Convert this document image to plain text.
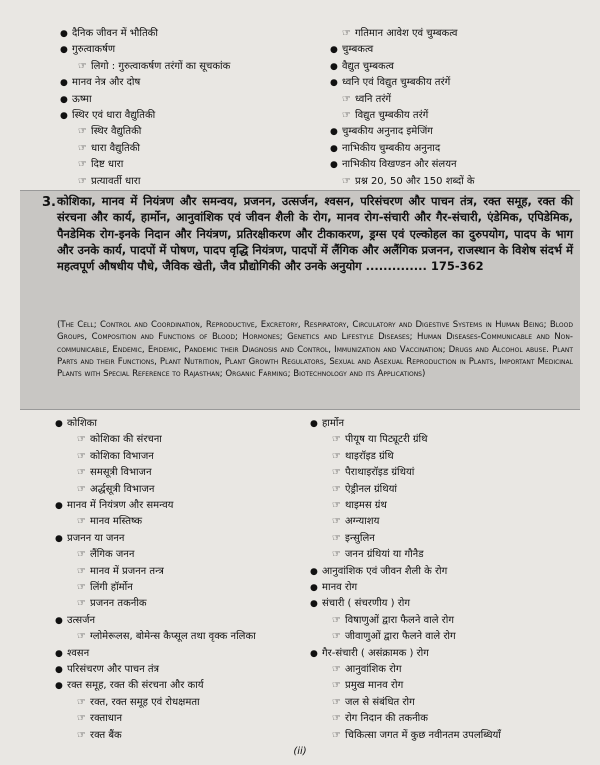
● दैनिक जीवन में भौतिकी
● गुरुत्वाकर्षण
☞ लिगो : गुरुत्वाकर्षण तरंगों का सूचकांक
● मानव नेत्र और दोष
● ऊष्मा
● स्थिर एवं धारा वैद्युतिकी
☞ स्थिर वैद्युतिकी
☞ धारा वैद्युतिकी
☞ दिष्ट धारा
☞ प्रत्यावर्ती धारा
☞ गतिमान आवेश एवं चुम्बकत्व
● चुम्बकत्व
● वैद्युत चुम्बकत्व
● ध्वनि एवं विद्युत चुम्बकीय तरंगें
☞ ध्वनि तरंगें
☞ विद्युत चुम्बकीय तरंगें
● चुम्बकीय अनुनाद इमेजिंग
● नाभिकीय चुम्बकीय अनुनाद
● नाभिकीय विखण्डन और संलयन
☞ प्रश्न 20, 50 और 150 शब्दों के
3. कोशिका, मानव में नियंत्रण और समन्वय, प्रजनन, उत्सर्जन, श्वसन, परिसंचरण और पाचन तंत्र, रक्त समूह, रक्त की संरचना और कार्य, हार्मोन, आनुवांशिक एवं जीवन शैली के रोग, मानव रोग-संचारी और गैर-संचारी, एंडेमिक, एपिडेमिक, पैनडेमिक रोग-इनके निदान और नियंत्रण, प्रतिरक्षीकरण और टीकाकरण, ड्रग्स एवं एल्कोहल का दुरुपयोग, पादप के भाग और उनके कार्य, पादपों में पोषण, पादप वृद्धि नियंत्रण, पादपों में लैंगिक और अलैंगिक प्रजनन, राजस्थान के विशेष संदर्भ में महत्वपूर्ण औषधीय पौधे, जैविक खेती, जैव प्रौद्योगिकी और उनके अनुयोग .............. 175-362
(The Cell; Control and Coordination, Reproductive, Excretory, Respiratory, Circulatory and Digestive Systems in Human Being; Blood Groups, Composition and Functions of Blood; Hormones; Genetics and Lifestyle Diseases; Human Diseases-Communicable and Non-communicable, Endemic, Epidemic, Pandemic their Diagnosis and Control, Immunization and Vaccination; Drugs and Alcohol abuse. Plant Parts and their Functions, Plant Nutrition, Plant Growth Regulators, Sexual and Asexual Reproduction in Plants, Important Medicinal Plants with Special Reference to Rajasthan; Organic Farming; Biotechnology and its Applications)
● कोशिका
☞ कोशिका की संरचना
☞ कोशिका विभाजन
☞ समसूत्री विभाजन
☞ अर्द्धसूत्री विभाजन
● मानव में नियंत्रण और समन्वय
☞ मानव मस्तिष्क
● प्रजनन या जनन
☞ लैंगिक जनन
☞ मानव में प्रजनन तन्त्र
☞ लिंगी हॉर्मोन
☞ प्रजनन तकनीक
● उत्सर्जन
☞ ग्लोमेरूलस, बोमेन्स कैप्सूल तथा वृक्क नलिका
● श्वसन
● परिसंचरण और पाचन तंत्र
● रक्त समूह, रक्त की संरचना और कार्य
☞ रक्त, रक्त समूह एवं रोधक्षमता
☞ रक्ताधान
☞ रक्त बैंक
● हार्मोन
☞ पीयूष या पिट्यूटरी ग्रंथि
☞ थाइरॉइड ग्रंथि
☞ पैराथाइरॉइड ग्रंथियां
☞ ऐड्रीनल ग्रंथियां
☞ थाइमस ग्रंथ
☞ अग्न्याशय
☞ इन्सुलिन
☞ जनन ग्रंथियां या गौनैड
● आनुवांशिक एवं जीवन शैली के रोग
● मानव रोग
● संचारी ( संचरणीय ) रोग
☞ विषाणुओं द्वारा फैलने वाले रोग
☞ जीवाणुओं द्वारा फैलने वाले रोग
● गैर-संचारी ( असंक्रामक ) रोग
☞ आनुवांशिक रोग
☞ प्रमुख मानव रोग
☞ जल से संबंधित रोग
☞ रोग निदान की तकनीक
☞ चिकित्सा जगत में कुछ नवीनतम उपलब्धियाँ
(ii)
